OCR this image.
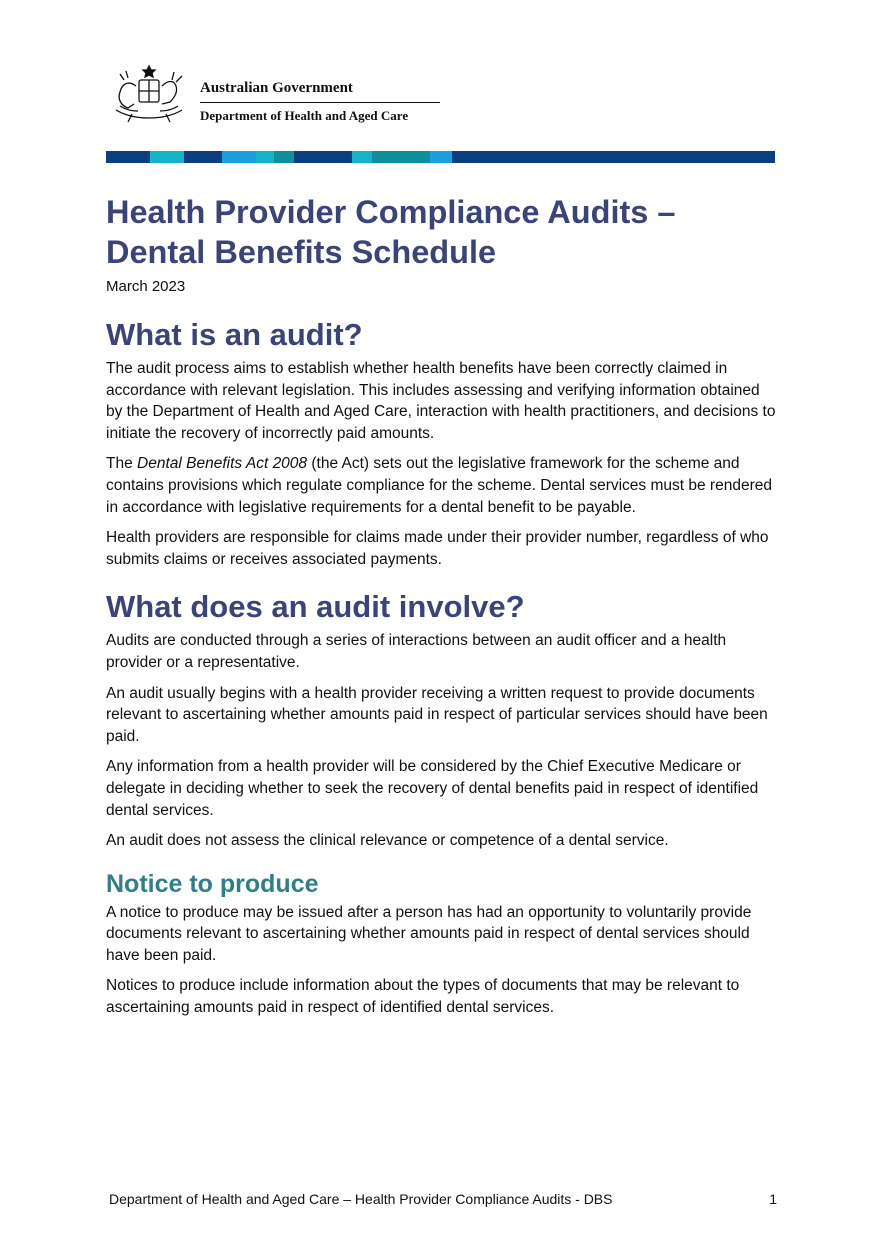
Australian Government
Department of Health and Aged Care
Health Provider Compliance Audits –
Dental Benefits Schedule

March 2023

What is an audit?

The audit process aims to establish whether health benefits have been correctly claimed in accordance with relevant legislation. This includes assessing and verifying information obtained by the Department of Health and Aged Care, interaction with health practitioners, and decisions to initiate the recovery of incorrectly paid amounts.

The Dental Benefits Act 2008 (the Act) sets out the legislative framework for the scheme and contains provisions which regulate compliance for the scheme. Dental services must be rendered in accordance with legislative requirements for a dental benefit to be payable.

Health providers are responsible for claims made under their provider number, regardless of who submits claims or receives associated payments.

What does an audit involve?

Audits are conducted through a series of interactions between an audit officer and a health provider or a representative.

An audit usually begins with a health provider receiving a written request to provide documents relevant to ascertaining whether amounts paid in respect of particular services should have been paid.

Any information from a health provider will be considered by the Chief Executive Medicare or delegate in deciding whether to seek the recovery of dental benefits paid in respect of identified dental services.

An audit does not assess the clinical relevance or competence of a dental service.

Notice to produce

A notice to produce may be issued after a person has had an opportunity to voluntarily provide documents relevant to ascertaining whether amounts paid in respect of dental services should have been paid.

Notices to produce include information about the types of documents that may be relevant to ascertaining amounts paid in respect of identified dental services.

Department of Health and Aged Care – Health Provider Compliance Audits - DBS	1
